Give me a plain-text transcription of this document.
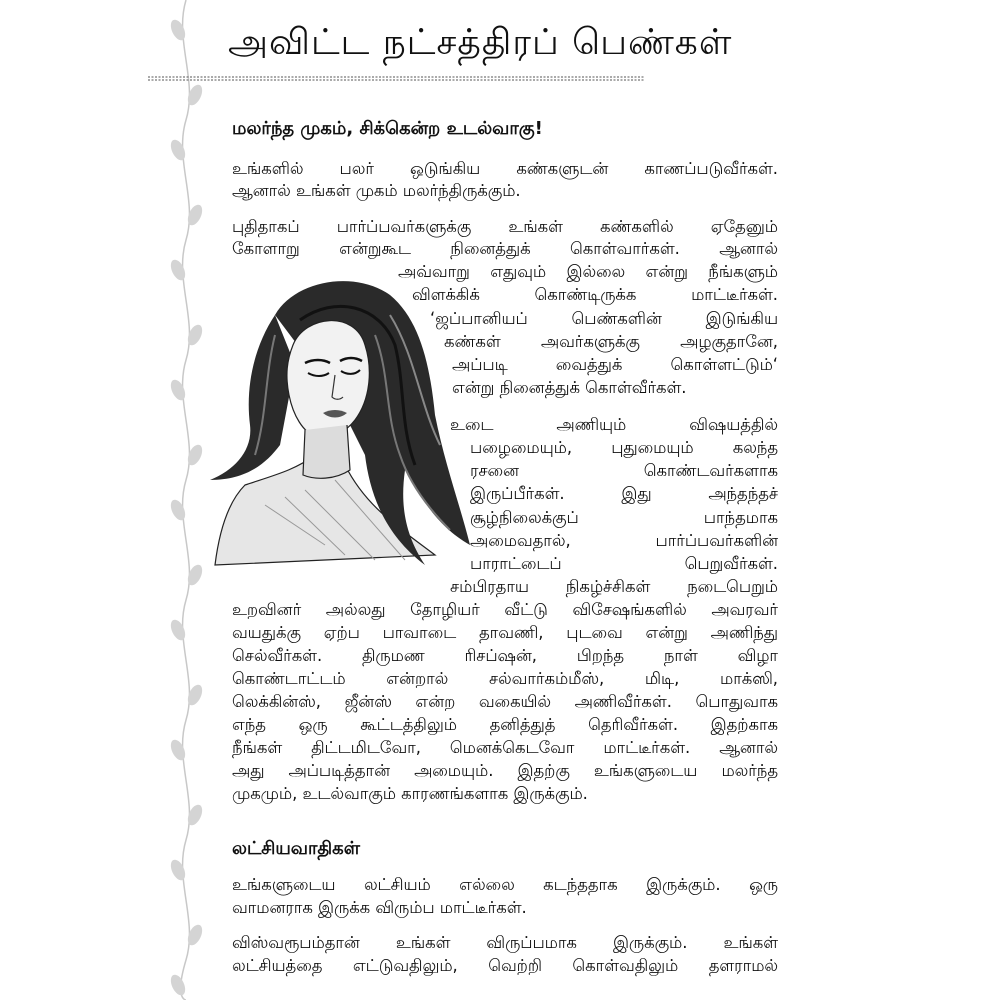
அவிட்ட நட்சத்திரப் பெண்கள்
மலர்ந்த முகம், சிக்கென்ற உடல்வாகு!

உங்களில் பலர் ஒடுங்கிய கண்களுடன் காணப்படுவீர்கள்.

ஆனால் உங்கள் முகம் மலர்ந்திருக்கும்.

புதிதாகப் பார்ப்பவர்களுக்கு உங்கள் கண்களில் ஏதேனும்

கோளாறு என்றுகூட நினைத்துக் கொள்வார்கள். ஆனால்

அவ்வாறு எதுவும் இல்லை என்று நீங்களும்

விளக்கிக் கொண்டிருக்க மாட்டீர்கள்.

‘ஜப்பானியப் பெண்களின் இடுங்கிய

கண்கள் அவர்களுக்கு அழகுதானே,

அப்படி வைத்துக் கொள்ளட்டும்‘

என்று நினைத்துக் கொள்வீர்கள்.

உடை அணியும் விஷயத்தில்

பழைமையும், புதுமையும் கலந்த

ரசனை கொண்டவர்களாக

இருப்பீர்கள். இது அந்தந்தச்

சூழ்நிலைக்குப் பாந்தமாக

அமைவதால், பார்ப்பவர்களின்

பாராட்டைப் பெறுவீர்கள்.

சம்பிரதாய நிகழ்ச்சிகள் நடைபெறும்

உறவினர் அல்லது தோழியர் வீட்டு விசேஷங்களில் அவரவர்

வயதுக்கு ஏற்ப பாவாடை தாவணி, புடவை என்று அணிந்து

செல்வீர்கள். திருமண ரிசப்ஷன், பிறந்த நாள் விழா

கொண்டாட்டம் என்றால் சல்வார்கம்மீஸ், மிடி, மாக்ஸி,

லெக்கின்ஸ், ஜீன்ஸ் என்ற வகையில் அணிவீர்கள். பொதுவாக

எந்த ஒரு கூட்டத்திலும் தனித்துத் தெரிவீர்கள். இதற்காக

நீங்கள் திட்டமிடவோ, மெனக்கெடவோ மாட்டீர்கள். ஆனால்

அது அப்படித்தான் அமையும். இதற்கு உங்களுடைய மலர்ந்த

முகமும், உடல்வாகும் காரணங்களாக இருக்கும்.

லட்சியவாதிகள்

உங்களுடைய லட்சியம் எல்லை கடந்ததாக இருக்கும். ஒரு

வாமனராக இருக்க விரும்ப மாட்டீர்கள்.

விஸ்வரூபம்தான் உங்கள் விருப்பமாக இருக்கும். உங்கள்

லட்சியத்தை எட்டுவதிலும், வெற்றி கொள்வதிலும் தளராமல்
